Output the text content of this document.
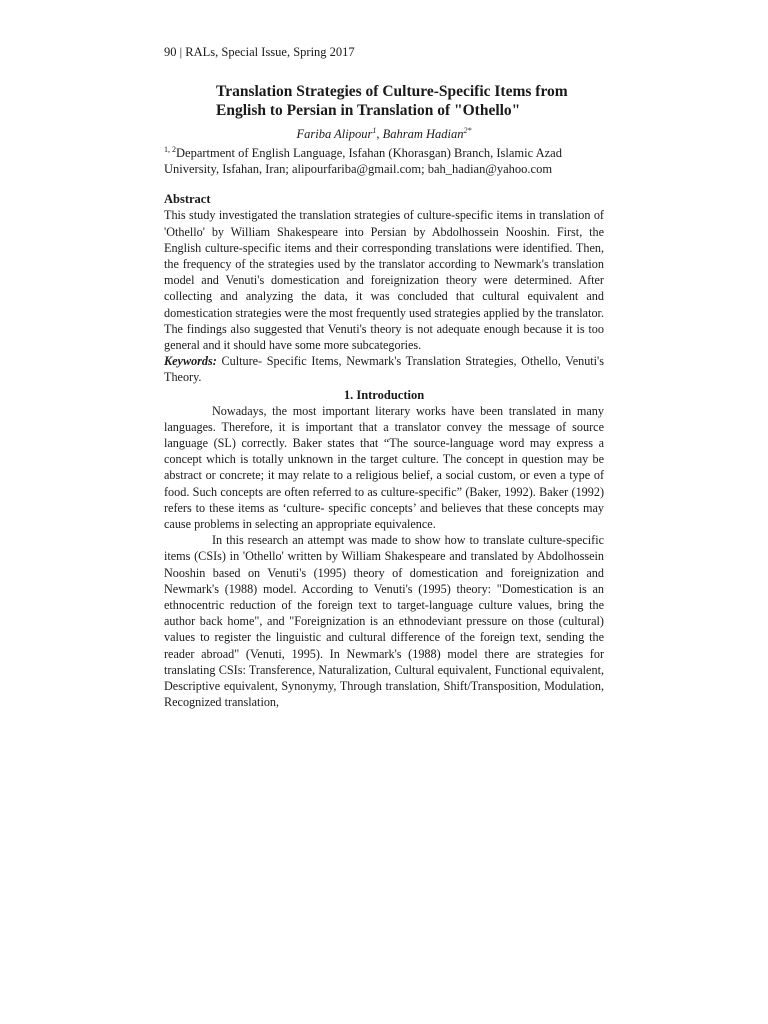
90 | RALs, Special Issue, Spring 2017
Translation Strategies of Culture-Specific Items from English to Persian in Translation of "Othello"

Fariba Alipour$^1$, Bahram Hadian$^{2*}$

$^{1, 2}$Department of English Language, Isfahan (Khorasgan) Branch, Islamic Azad University, Isfahan, Iran; alipourfariba@gmail.com; bah_hadian@yahoo.com

Abstract

This study investigated the translation strategies of culture-specific items in translation of 'Othello' by William Shakespeare into Persian by Abdolhossein Nooshin. First, the English culture-specific items and their corresponding translations were identified. Then, the frequency of the strategies used by the translator according to Newmark's translation model and Venuti's domestication and foreignization theory were determined. After collecting and analyzing the data, it was concluded that cultural equivalent and domestication strategies were the most frequently used strategies applied by the translator. The findings also suggested that Venuti's theory is not adequate enough because it is too general and it should have some more subcategories.

Keywords: Culture- Specific Items, Newmark's Translation Strategies, Othello, Venuti's Theory.

1. Introduction

Nowadays, the most important literary works have been translated in many languages. Therefore, it is important that a translator convey the message of source language (SL) correctly. Baker states that “The source-language word may express a concept which is totally unknown in the target culture. The concept in question may be abstract or concrete; it may relate to a religious belief, a social custom, or even a type of food. Such concepts are often referred to as culture-specific” (Baker, 1992). Baker (1992) refers to these items as ‘culture- specific concepts’ and believes that these concepts may cause problems in selecting an appropriate equivalence.

In this research an attempt was made to show how to translate culture-specific items (CSIs) in 'Othello' written by William Shakespeare and translated by Abdolhossein Nooshin based on Venuti's (1995) theory of domestication and foreignization and Newmark's (1988) model. According to Venuti's (1995) theory: "Domestication is an ethnocentric reduction of the foreign text to target-language culture values, bring the author back home", and "Foreignization is an ethnodeviant pressure on those (cultural) values to register the linguistic and cultural difference of the foreign text, sending the reader abroad" (Venuti, 1995). In Newmark's (1988) model there are strategies for translating CSIs: Transference, Naturalization, Cultural equivalent, Functional equivalent, Descriptive equivalent, Synonymy, Through translation, Shift/Transposition, Modulation, Recognized translation,
